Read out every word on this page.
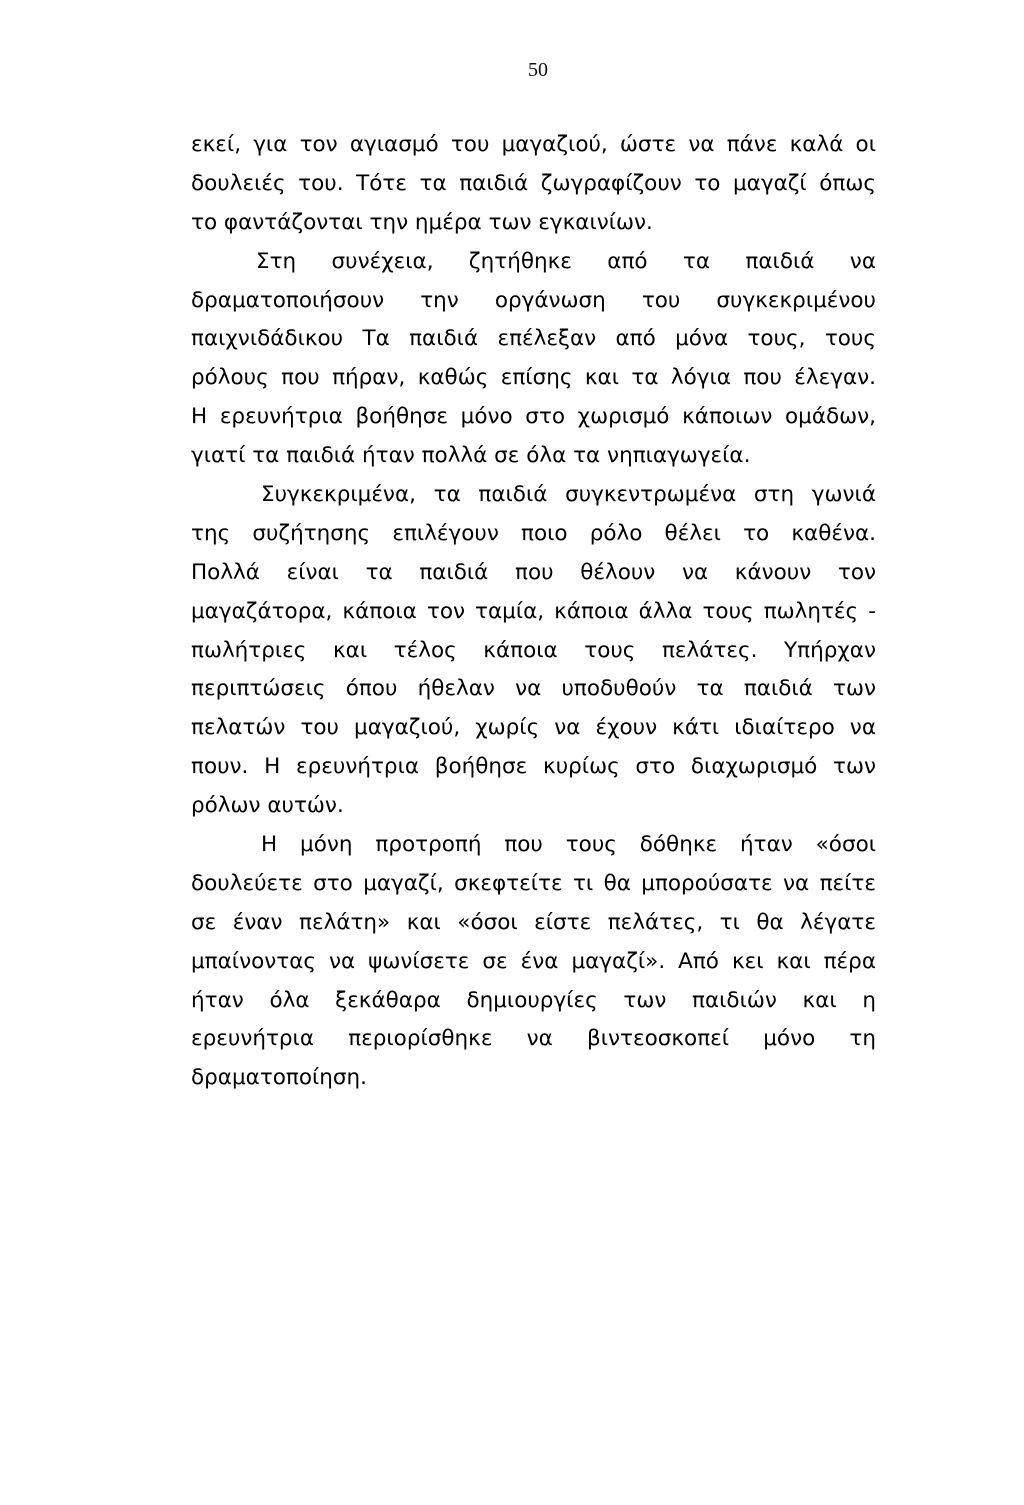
50
εκεί, για τον αγιασμό του μαγαζιού, ώστε να πάνε καλά οι
δουλειές του. Τότε τα παιδιά ζωγραφίζουν το μαγαζί όπως
το φαντάζονται την ημέρα των εγκαινίων.
Στη συνέχεια, ζητήθηκε από τα παιδιά να
δραματοποιήσουν την οργάνωση του συγκεκριμένου
παιχνιδάδικου Τα παιδιά επέλεξαν από μόνα τους, τους
ρόλους που πήραν, καθώς επίσης και τα λόγια που έλεγαν.
Η ερευνήτρια βοήθησε μόνο στο χωρισμό κάποιων ομάδων,
γιατί τα παιδιά ήταν πολλά σε όλα τα νηπιαγωγεία.
Συγκεκριμένα, τα παιδιά συγκεντρωμένα στη γωνιά
της συζήτησης επιλέγουν ποιο ρόλο θέλει το καθένα.
Πολλά είναι τα παιδιά που θέλουν να κάνουν τον
μαγαζάτορα, κάποια τον ταμία, κάποια άλλα τους πωλητές -
πωλήτριες και τέλος κάποια τους πελάτες. Υπήρχαν
περιπτώσεις όπου ήθελαν να υποδυθούν τα παιδιά των
πελατών του μαγαζιού, χωρίς να έχουν κάτι ιδιαίτερο να
πουν. Η ερευνήτρια βοήθησε κυρίως στο διαχωρισμό των
ρόλων αυτών.
Η μόνη προτροπή που τους δόθηκε ήταν «όσοι
δουλεύετε στο μαγαζί, σκεφτείτε τι θα μπορούσατε να πείτε
σε έναν πελάτη» και «όσοι είστε πελάτες, τι θα λέγατε
μπαίνοντας να ψωνίσετε σε ένα μαγαζί». Από κει και πέρα
ήταν όλα ξεκάθαρα δημιουργίες των παιδιών και η
ερευνήτρια περιορίσθηκε να βιντεοσκοπεί μόνο τη
δραματοποίηση.
